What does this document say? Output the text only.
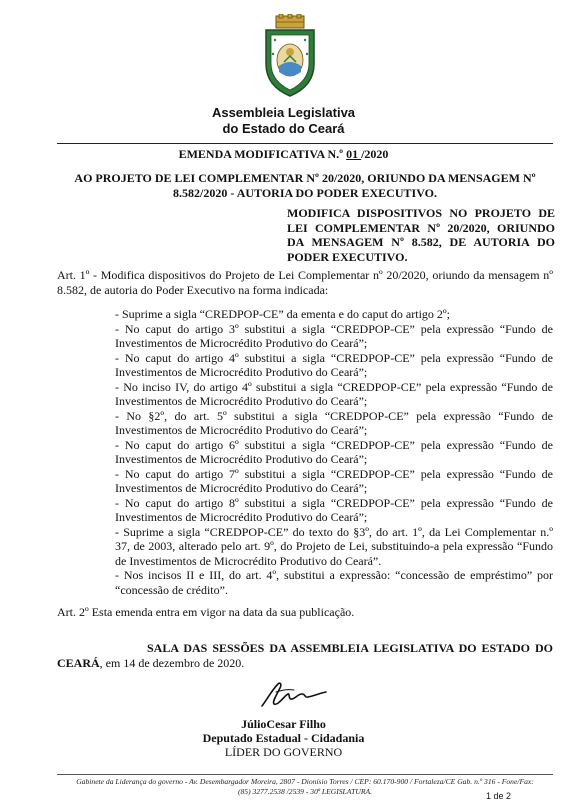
Assembleia Legislativa
do Estado do Ceará
EMENDA MODIFICATIVA N.º 01 /2020
AO PROJETO DE LEI COMPLEMENTAR Nº 20/2020, ORIUNDO DA MENSAGEM Nº 8.582/2020 - AUTORIA DO PODER EXECUTIVO.
MODIFICA DISPOSITIVOS NO PROJETO DE LEI COMPLEMENTAR Nº 20/2020, ORIUNDO DA MENSAGEM Nº 8.582, DE AUTORIA DO PODER EXECUTIVO.
Art. 1º - Modifica dispositivos do Projeto de Lei Complementar nº 20/2020, oriundo da mensagem nº 8.582, de autoria do Poder Executivo na forma indicada:
- Suprime a sigla “CREDPOP-CE” da ementa e do caput do artigo 2º;
- No caput do artigo 3º substitui a sigla “CREDPOP-CE” pela expressão “Fundo de Investimentos de Microcrédito Produtivo do Ceará”;
- No caput do artigo 4º substitui a sigla “CREDPOP-CE” pela expressão “Fundo de Investimentos de Microcrédito Produtivo do Ceará”;
- No inciso IV, do artigo 4º substitui a sigla “CREDPOP-CE” pela expressão “Fundo de Investimentos de Microcrédito Produtivo do Ceará”;
- No §2º, do art. 5º substitui a sigla “CREDPOP-CE” pela expressão “Fundo de Investimentos de Microcrédito Produtivo do Ceará”;
- No caput do artigo 6º substitui a sigla “CREDPOP-CE” pela expressão “Fundo de Investimentos de Microcrédito Produtivo do Ceará”;
- No caput do artigo 7º substitui a sigla “CREDPOP-CE” pela expressão “Fundo de Investimentos de Microcrédito Produtivo do Ceará”;
- No caput do artigo 8º substitui a sigla “CREDPOP-CE” pela expressão “Fundo de Investimentos de Microcrédito Produtivo do Ceará”;
- Suprime a sigla “CREDPOP-CE” do texto do §3º, do art. 1º, da Lei Complementar n.º 37, de 2003, alterado pelo art. 9º, do Projeto de Lei, substituindo-a pela expressão “Fundo de Investimentos de Microcrédito Produtivo do Ceará”.
- Nos incisos II e III, do art. 4º, substitui a expressão: “concessão de empréstimo” por “concessão de crédito”.
Art. 2º Esta emenda entra em vigor na data da sua publicação.
SALA DAS SESSÕES DA ASSEMBLEIA LEGISLATIVA DO ESTADO DO CEARÁ, em 14 de dezembro de 2020.
JúlioCesar Filho
Deputado Estadual - Cidadania
LÍDER DO GOVERNO
Gabinete da Liderança do governo - Av. Desembargador Moreira, 2807 - Dionísio Torres / CEP: 60.170-900 / Fortaleza/CE Gab. n.º 316 - Fone/Fax:
(85) 3277.2538 /2539 - 30ª LEGISLATURA.	1 de 2
